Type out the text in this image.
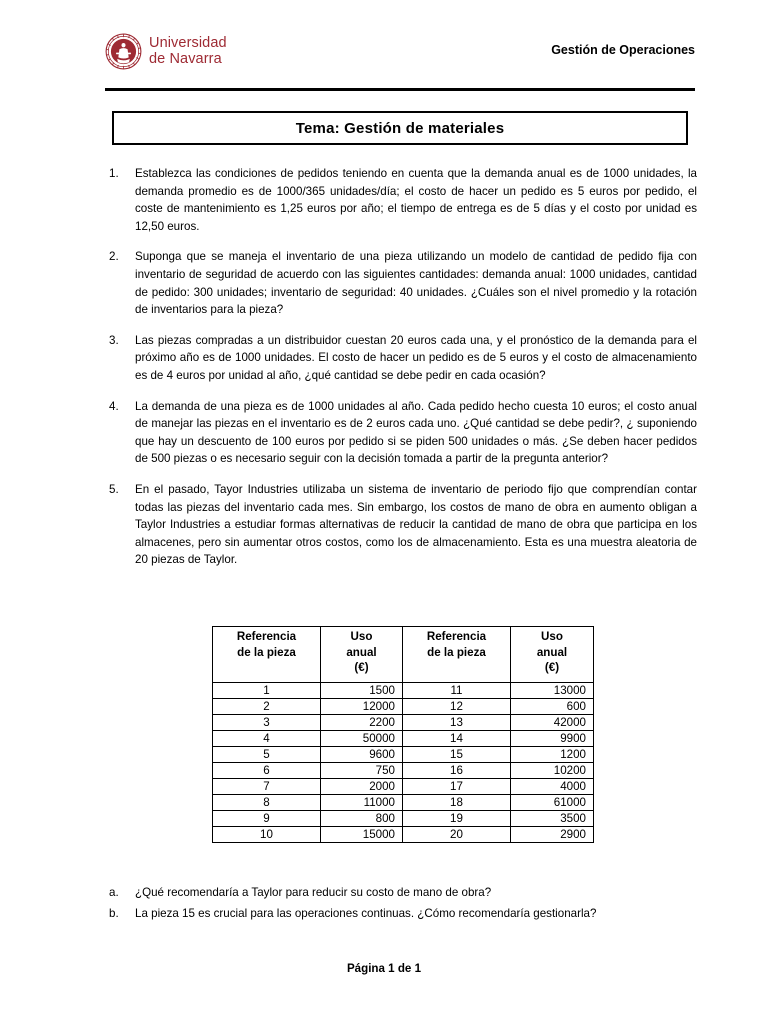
Universidad
de Navarra
Gestión de Operaciones
Tema: Gestión de materiales
1.	Establezca las condiciones de pedidos teniendo en cuenta que la demanda anual es de 1000 unidades, la demanda promedio es de 1000/365 unidades/día; el costo de hacer un pedido es 5 euros por pedido, el coste de mantenimiento es 1,25 euros por año; el tiempo de entrega es de 5 días y el costo por unidad es 12,50 euros.
2.	Suponga que se maneja el inventario de una pieza utilizando un modelo de cantidad de pedido fija con inventario de seguridad de acuerdo con las siguientes cantidades: demanda anual: 1000 unidades, cantidad de pedido: 300 unidades; inventario de seguridad: 40 unidades. ¿Cuáles son el nivel promedio y la rotación de inventarios para la pieza?
3.	Las piezas compradas a un distribuidor cuestan 20 euros cada una, y el pronóstico de la demanda para el próximo año es de 1000 unidades. El costo de hacer un pedido es de 5 euros y el costo de almacenamiento es de 4 euros por unidad al año, ¿qué cantidad se debe pedir en cada ocasión?
4.	La demanda de una pieza es de 1000 unidades al año. Cada pedido hecho cuesta 10 euros; el costo anual de manejar las piezas en el inventario es de 2 euros cada uno. ¿Qué cantidad se debe pedir?, ¿ suponiendo que hay un descuento de 100 euros por pedido si se piden 500 unidades o más. ¿Se deben hacer pedidos de 500 piezas o es necesario seguir con la decisión tomada a partir de la pregunta anterior?
5.	En el pasado, Tayor Industries utilizaba un sistema de inventario de periodo fijo que comprendían contar todas las piezas del inventario cada mes. Sin embargo, los costos de mano de obra en aumento obligan a Taylor Industries a estudiar formas alternativas de reducir la cantidad de mano de obra que participa en los almacenes, pero sin aumentar otros costos, como los de almacenamiento. Esta es una muestra aleatoria de 20 piezas de Taylor.
Referencia
de la pieza	Uso
anual
(€)	Referencia
de la pieza	Uso
anual
(€)
1	1500	11	13000
2	12000	12	600
3	2200	13	42000
4	50000	14	9900
5	9600	15	1200
6	750	16	10200
7	2000	17	4000
8	11000	18	61000
9	800	19	3500
10	15000	20	2900
a.	¿Qué recomendaría a Taylor para reducir su costo de mano de obra?
b.	La pieza 15 es crucial para las operaciones continuas. ¿Cómo recomendaría gestionarla?
Página 1 de 1
